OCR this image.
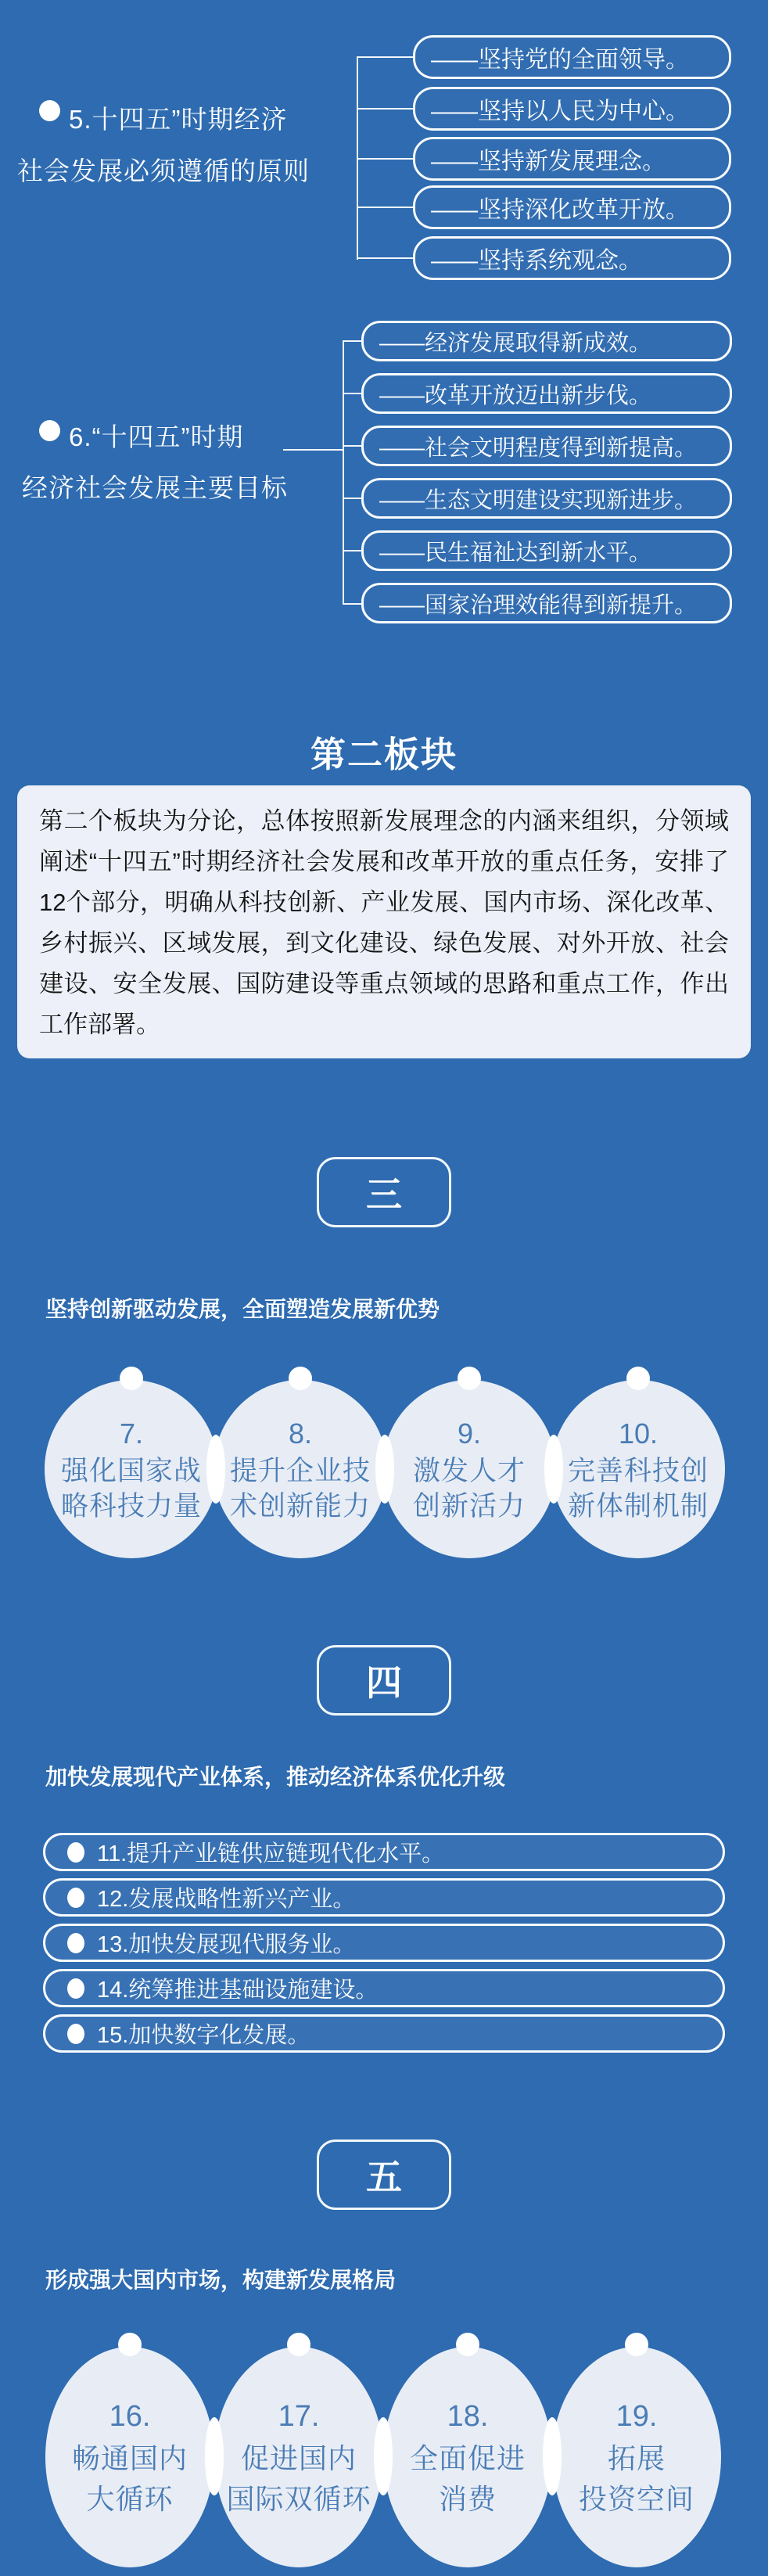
5.十四五”时期经济
社会发展必须遵循的原则
——坚持党的全面领导。
——坚持以人民为中心。
——坚持新发展理念。
——坚持深化改革开放。
——坚持系统观念。
6.“十四五”时期
经济社会发展主要目标
——经济发展取得新成效。
——改革开放迈出新步伐。
——社会文明程度得到新提高。
——生态文明建设实现新进步。
——民生福祉达到新水平。
——国家治理效能得到新提升。
第二板块
第二个板块为分论，总体按照新发展理念的内涵来组织，分领域阐述“十四五”时期经济社会发展和改革开放的重点任务，安排了12个部分，明确从科技创新、产业发展、国内市场、深化改革、乡村振兴、区域发展，到文化建设、绿色发展、对外开放、社会建设、安全发展、国防建设等重点领域的思路和重点工作，作出工作部署。
三
坚持创新驱动发展，全面塑造发展新优势
7.
强化国家战
略科技力量
8.
提升企业技
术创新能力
9.
激发人才
创新活力
10.
完善科技创
新体制机制
四
加快发展现代产业体系，推动经济体系优化升级
11.提升产业链供应链现代化水平。
12.发展战略性新兴产业。
13.加快发展现代服务业。
14.统筹推进基础设施建设。
15.加快数字化发展。
五
形成强大国内市场，构建新发展格局
16.
畅通国内
大循环
17.
促进国内
国际双循环
18.
全面促进
消费
19.
拓展
投资空间
